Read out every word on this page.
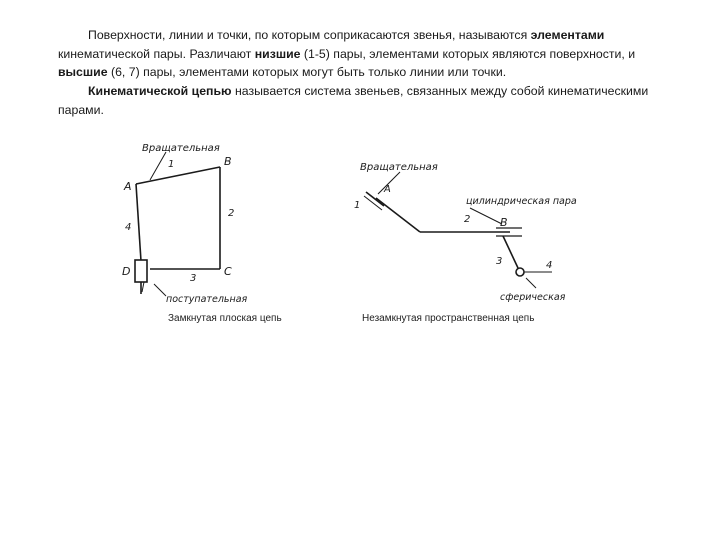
Поверхности, линии и точки, по которым соприкасаются звенья, называются элементами кинематической пары. Различают низшие (1-5) пары, элементами которых являются поверхности, и высшие (6, 7) пары, элементами которых могут быть только линии или точки.
Кинематической цепью называется система звеньев, связанных между собой кинематическими парами.
Вращательная
1
A
B
2
4
3
D	C
поступательная
Вращательная
A
1
2	B
цилиндрическая пара
3	4
сферическая
Замкнутая плоская цепь	Незамкнутая пространственная цепь
